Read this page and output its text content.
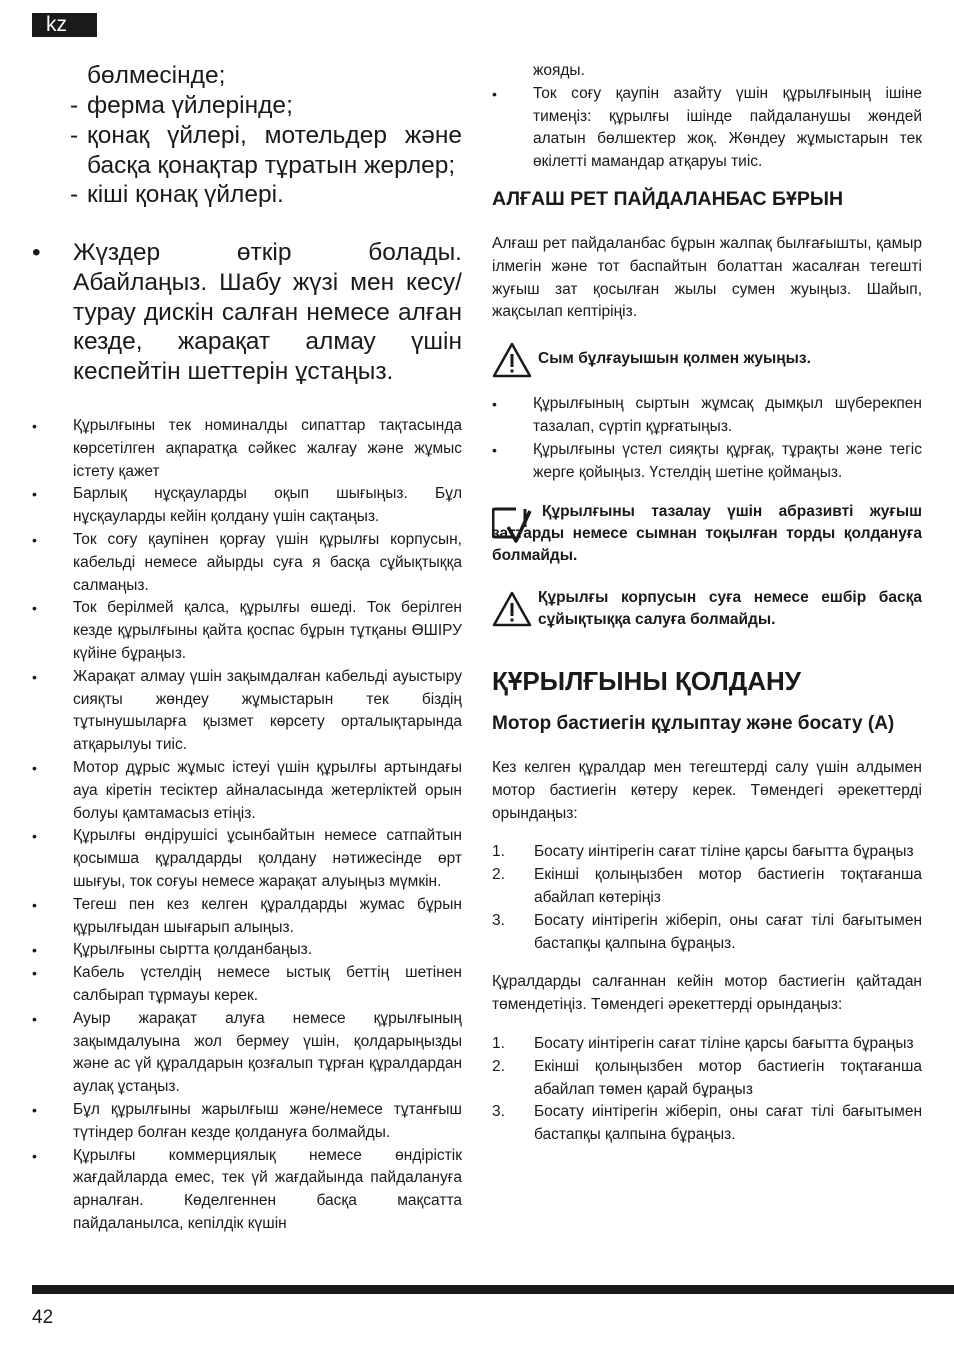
kz
бөлмесінде;
- ферма үйлерінде;
- қонақ үйлері, мотельдер және басқа қонақтар тұратын жерлер;
- кіші қонақ үйлері.
• Жүздер өткір болады. Абайлаңыз. Шабу жүзі мен кесу/турау дискін салған немесе алған кезде, жарақат алмау үшін кеспейтін шеттерін ұстаңыз.
• Құрылғыны тек номиналды сипаттар тақтасында көрсетілген ақпаратқа сәйкес жалғау және жұмыс істету қажет
• Барлық нұсқауларды оқып шығыңыз. Бұл нұсқауларды кейін қолдану үшін сақтаңыз.
• Ток соғу қаупінен қорғау үшін құрылғы корпусын, кабельді немесе айырды суға я басқа сұйықтыққа салмаңыз.
• Ток берілмей қалса, құрылғы өшеді. Ток берілген кезде құрылғыны қайта қоспас бұрын тұтқаны ӨШІРУ күйіне бұраңыз.
• Жарақат алмау үшін зақымдалған кабельді ауыстыру сияқты жөндеу жұмыстарын тек біздің тұтынушыларға қызмет көрсету орталықтарында атқарылуы тиіс.
• Мотор дұрыс жұмыс істеуі үшін құрылғы артындағы ауа кіретін тесіктер айналасында жетерліктей орын болуы қамтамасыз етіңіз.
• Құрылғы өндірушісі ұсынбайтын немесе сатпайтын қосымша құралдарды қолдану нәтижесінде өрт шығуы, ток соғуы немесе жарақат алуыңыз мүмкін.
• Тегеш пен кез келген құралдарды жумас бұрын құрылғыдан шығарып алыңыз.
• Құрылғыны сыртта қолданбаңыз.
• Кабель үстелдің немесе ыстық беттің шетінен салбырап тұрмауы керек.
• Ауыр жарақат алуға немесе құрылғының зақымдалуына жол бермеу үшін, қолдарыңызды және ас үй құралдарын қозғалып тұрған құралдардан аулақ ұстаңыз.
• Бұл құрылғыны жарылғыш және/немесе тұтанғыш түтіндер болған кезде қолдануға болмайды.
• Құрылғы коммерциялық немесе өндірістік жағдайларда емес, тек үй жағдайында пайдалануға арналған. Көделгеннен басқа мақсатта пайдаланылса, кепілдік күшін

жояды.

• Ток соғу қаупін азайту үшін құрылғының ішіне тимеңіз: құрылғы ішінде пайдаланушы жөндей алатын бөлшектер жоқ. Жөндеу жұмыстарын тек өкілетті мамандар атқаруы тиіс.
АЛҒАШ РЕТ ПАЙДАЛАНБАС БҰРЫН

Алғаш рет пайдаланбас бұрын жалпақ былғағышты, қамыр ілмегін және тот баспайтын болаттан жасалған тегешті жуғыш зат қосылған жылы сумен жуыңыз. Шайып, жақсылап кептіріңіз.

Сым бұлғауышын қолмен жуыңыз.
• Құрылғының сыртын жұмсақ дымқыл шүберекпен тазалап, сүртіп құрғатыңыз.
• Құрылғыны үстел сияқты құрғақ, тұрақты және тегіс жерге қойыңыз. Үстелдің шетіне қоймаңыз.
Құрылғыны тазалау үшін абразивті жуғыш заттарды немесе сымнан тоқылған торды қолдануға болмайды.
Құрылғы корпусын суға немесе ешбір басқа сұйықтыққа салуға болмайды.
ҚҰРЫЛҒЫНЫ ҚОЛДАНУ
Мотор бастиегін құлыптау және босату (А)

Кез келген құралдар мен тегештерді салу үшін алдымен мотор бастиегін көтеру керек. Төмендегі әрекеттерді орындаңыз:

1. Босату иінтірегін сағат тіліне қарсы бағытта бұраңыз
2. Екінші қолыңызбен мотор бастиегін тоқтағанша абайлап көтеріңіз
3. Босату иінтірегін жіберіп, оны сағат тілі бағытымен бастапқы қалпына бұраңыз.

Құралдарды салғаннан кейін мотор бастиегін қайтадан төмендетіңіз. Төмендегі әрекеттерді орындаңыз:

1. Босату иінтірегін сағат тіліне қарсы бағытта бұраңыз
2. Екінші қолыңызбен мотор бастиегін тоқтағанша абайлап төмен қарай бұраңыз
3. Босату иінтірегін жіберіп, оны сағат тілі бағытымен бастапқы қалпына бұраңыз.
42
